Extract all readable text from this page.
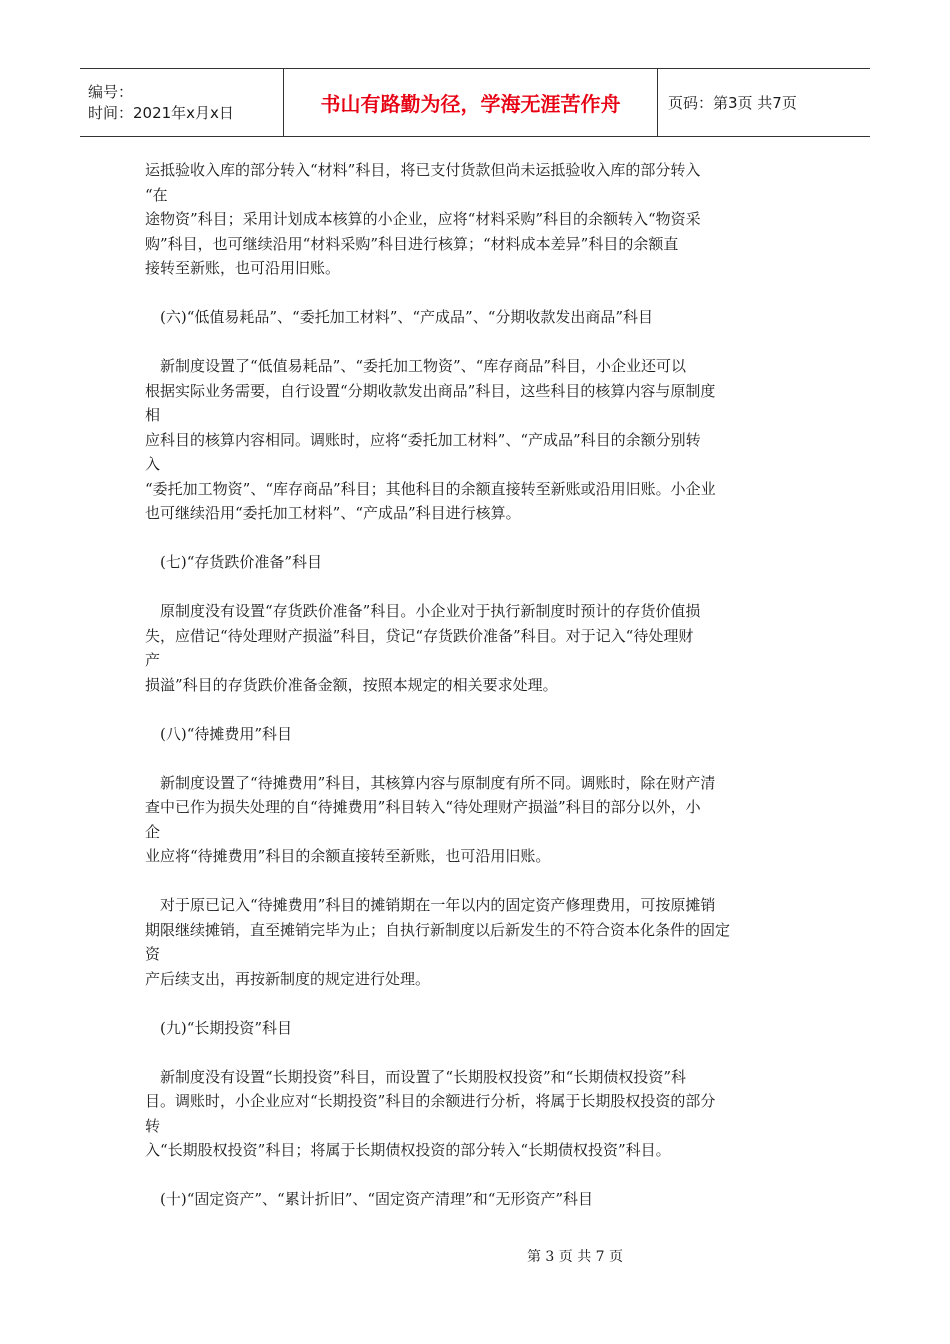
编号：
时间：2021年x月x日	书山有路勤为径，学海无涯苦作舟	页码：第3页 共7页

运抵验收入库的部分转入“材料”科目，将已支付货款但尚未运抵验收入库的部分转入

“在

途物资”科目；采用计划成本核算的小企业，应将“材料采购”科目的余额转入“物资采

购”科目，也可继续沿用“材料采购”科目进行核算；“材料成本差异”科目的余额直

接转至新账，也可沿用旧账。

　(六)“低值易耗品”、“委托加工材料”、“产成品”、“分期收款发出商品”科目

　新制度设置了“低值易耗品”、“委托加工物资”、“库存商品”科目，小企业还可以

根据实际业务需要，自行设置“分期收款发出商品”科目，这些科目的核算内容与原制度

相

应科目的核算内容相同。调账时，应将“委托加工材料”、“产成品”科目的余额分别转

入

“委托加工物资”、“库存商品”科目；其他科目的余额直接转至新账或沿用旧账。小企业

也可继续沿用“委托加工材料”、“产成品”科目进行核算。

　(七)“存货跌价准备”科目

　原制度没有设置“存货跌价准备”科目。小企业对于执行新制度时预计的存货价值损

失，应借记“待处理财产损溢”科目，贷记“存货跌价准备”科目。对于记入“待处理财

产

损溢”科目的存货跌价准备金额，按照本规定的相关要求处理。

　(八)“待摊费用”科目

　新制度设置了“待摊费用”科目，其核算内容与原制度有所不同。调账时，除在财产清

查中已作为损失处理的自“待摊费用”科目转入“待处理财产损溢”科目的部分以外，小

企

业应将“待摊费用”科目的余额直接转至新账，也可沿用旧账。

　对于原已记入“待摊费用”科目的摊销期在一年以内的固定资产修理费用，可按原摊销

期限继续摊销，直至摊销完毕为止；自执行新制度以后新发生的不符合资本化条件的固定

资

产后续支出，再按新制度的规定进行处理。

　(九)“长期投资”科目

　新制度没有设置“长期投资”科目，而设置了“长期股权投资”和“长期债权投资”科

目。调账时，小企业应对“长期投资”科目的余额进行分析，将属于长期股权投资的部分

转

入“长期股权投资”科目；将属于长期债权投资的部分转入“长期债权投资”科目。

　(十)“固定资产”、“累计折旧”、“固定资产清理”和“无形资产”科目

第 3 页 共 7 页
